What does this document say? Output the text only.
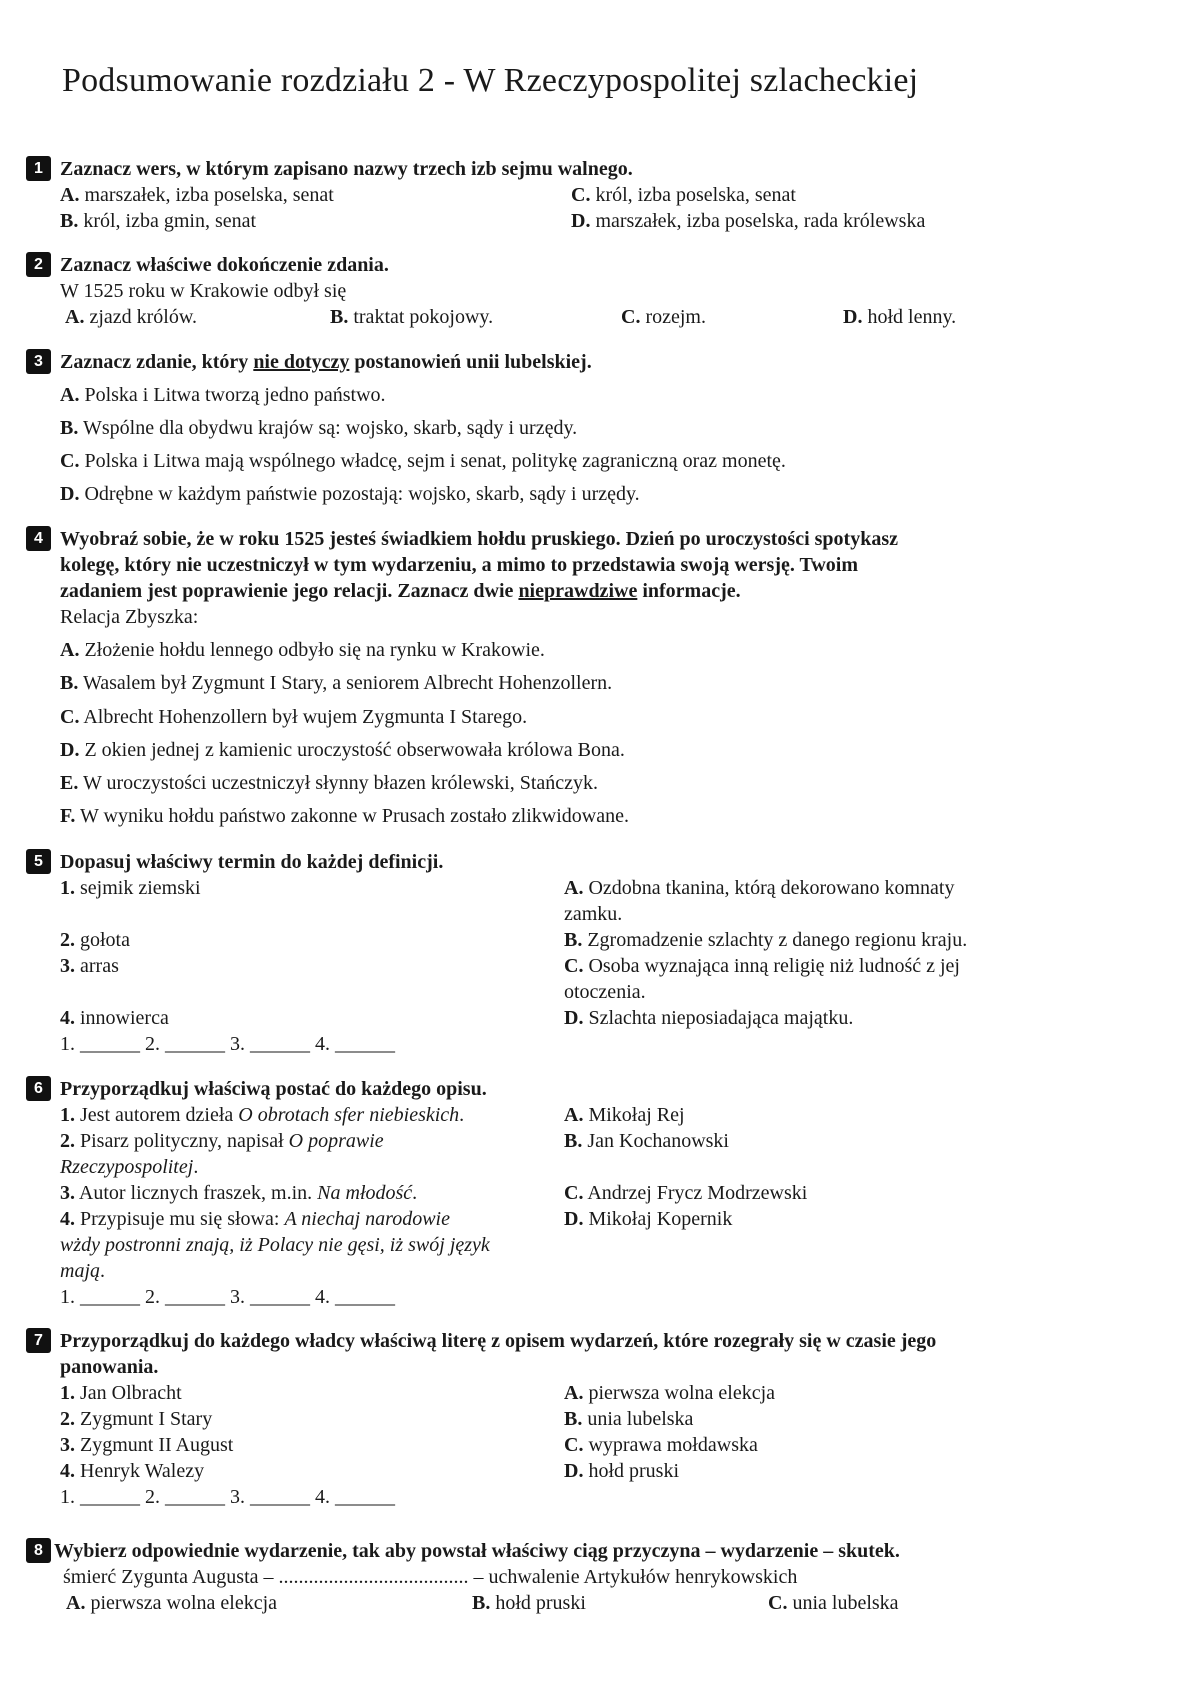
Podsumowanie rozdziału 2 - W Rzeczypospolitej szlacheckiej
1 Zaznacz wers, w którym zapisano nazwy trzech izb sejmu walnego.
A. marszałek, izba poselska, senat
B. król, izba gmin, senat
C. król, izba poselska, senat
D. marszałek, izba poselska, rada królewska
2 Zaznacz właściwe dokończenie zdania.
W 1525 roku w Krakowie odbył się
A. zjazd królów.	B. traktat pokojowy.	C. rozejm.	D. hołd lenny.
3 Zaznacz zdanie, który nie dotyczy postanowień unii lubelskiej.
A. Polska i Litwa tworzą jedno państwo.
B. Wspólne dla obydwu krajów są: wojsko, skarb, sądy i urzędy.
C. Polska i Litwa mają wspólnego władcę, sejm i senat, politykę zagraniczną oraz monetę.
D. Odrębne w każdym państwie pozostają: wojsko, skarb, sądy i urzędy.
4 Wyobraź sobie, że w roku 1525 jesteś świadkiem hołdu pruskiego. Dzień po uroczystości spotykasz
kolegę, który nie uczestniczył w tym wydarzeniu, a mimo to przedstawia swoją wersję. Twoim
zadaniem jest poprawienie jego relacji. Zaznacz dwie nieprawdziwe informacje.
Relacja Zbyszka:
A. Złożenie hołdu lennego odbyło się na rynku w Krakowie.
B. Wasalem był Zygmunt I Stary, a seniorem Albrecht Hohenzollern.
C. Albrecht Hohenzollern był wujem Zygmunta I Starego.
D. Z okien jednej z kamienic uroczystość obserwowała królowa Bona.
E. W uroczystości uczestniczył słynny błazen królewski, Stańczyk.
F. W wyniku hołdu państwo zakonne w Prusach zostało zlikwidowane.
5 Dopasuj właściwy termin do każdej definicji.
1. sejmik ziemski
2. gołota
3. arras
4. innowierca
A. Ozdobna tkanina, którą dekorowano komnaty
zamku.
B. Zgromadzenie szlachty z danego regionu kraju.
C. Osoba wyznająca inną religię niż ludność z jej
otoczenia.
D. Szlachta nieposiadająca majątku.
1. ______ 2. ______ 3. ______ 4. ______
6 Przyporządkuj właściwą postać do każdego opisu.
1. Jest autorem dzieła O obrotach sfer niebieskich.
2. Pisarz polityczny, napisał O poprawie
Rzeczypospolitej.
3. Autor licznych fraszek, m.in. Na młodość.
4. Przypisuje mu się słowa: A niechaj narodowie
wżdy postronni znają, iż Polacy nie gęsi, iż swój język
mają.
A. Mikołaj Rej
B. Jan Kochanowski
C. Andrzej Frycz Modrzewski
D. Mikołaj Kopernik
1. ______ 2. ______ 3. ______ 4. ______
7 Przyporządkuj do każdego władcy właściwą literę z opisem wydarzeń, które rozegrały się w czasie jego
panowania.
1. Jan Olbracht
2. Zygmunt I Stary
3. Zygmunt II August
4. Henryk Walezy
A. pierwsza wolna elekcja
B. unia lubelska
C. wyprawa mołdawska
D. hołd pruski
1. ______ 2. ______ 3. ______ 4. ______
8 Wybierz odpowiednie wydarzenie, tak aby powstał właściwy ciąg przyczyna – wydarzenie – skutek.
śmierć Zygunta Augusta – ...................................... – uchwalenie Artykułów henrykowskich
A. pierwsza wolna elekcja	B. hołd pruski	C. unia lubelska
